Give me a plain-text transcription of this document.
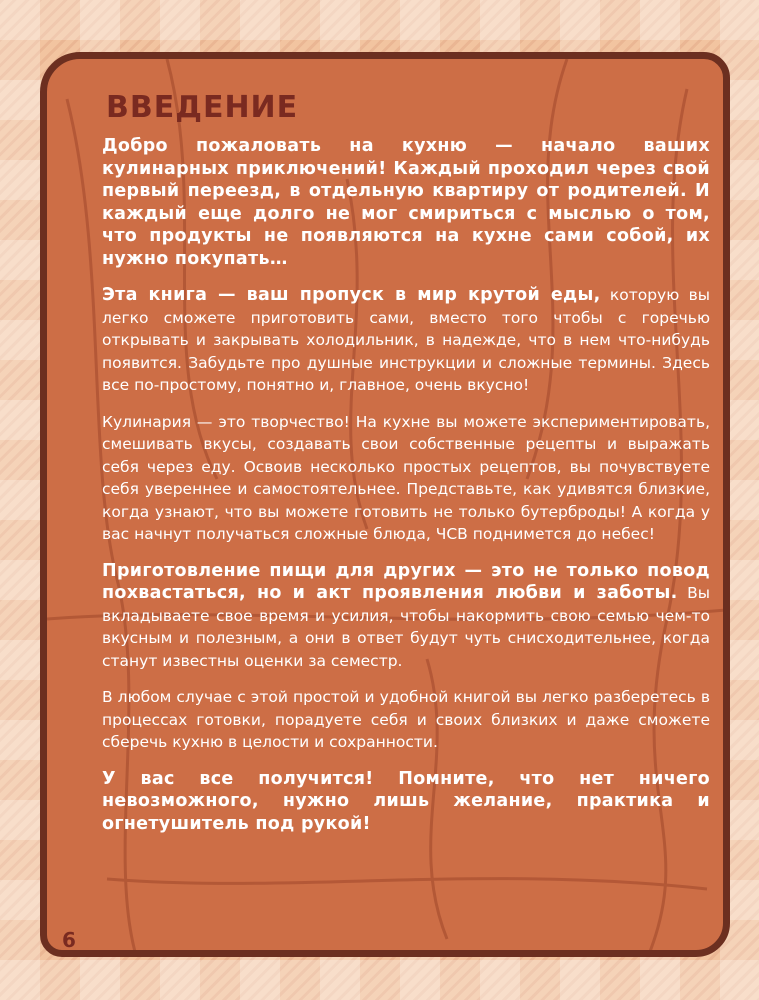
ВВЕДЕНИЕ
Добро пожаловать на кухню — начало ваших кулинарных приключений! Каждый проходил через свой первый переезд, в отдельную квартиру от родителей. И каждый еще долго не мог смириться с мыслью о том, что продукты не появляются на кухне сами собой, их нужно покупать…
Эта книга — ваш пропуск в мир крутой еды, которую вы легко сможете приготовить сами, вместо того чтобы с горечью открывать и закрывать холодильник, в надежде, что в нем что-нибудь появится. Забудьте про душные инструкции и сложные термины. Здесь все по-простому, понятно и, главное, очень вкусно!
Кулинария — это творчество! На кухне вы можете экспериментировать, смешивать вкусы, создавать свои собственные рецепты и выражать себя через еду. Освоив несколько простых рецептов, вы почувствуете себя увереннее и самостоятельнее. Представьте, как удивятся близкие, когда узнают, что вы можете готовить не только бутерброды! А когда у вас начнут получаться сложные блюда, ЧСВ поднимется до небес!
Приготовление пищи для других — это не только повод похвастаться, но и акт проявления любви и заботы. Вы вкладываете свое время и усилия, чтобы накормить свою семью чем-то вкусным и полезным, а они в ответ будут чуть снисходительнее, когда станут известны оценки за семестр.
В любом случае с этой простой и удобной книгой вы легко разберетесь в процессах готовки, порадуете себя и своих близких и даже сможете сберечь кухню в целости и сохранности.
У вас все получится! Помните, что нет ничего невозможного, нужно лишь желание, практика и огнетушитель под рукой!
6
